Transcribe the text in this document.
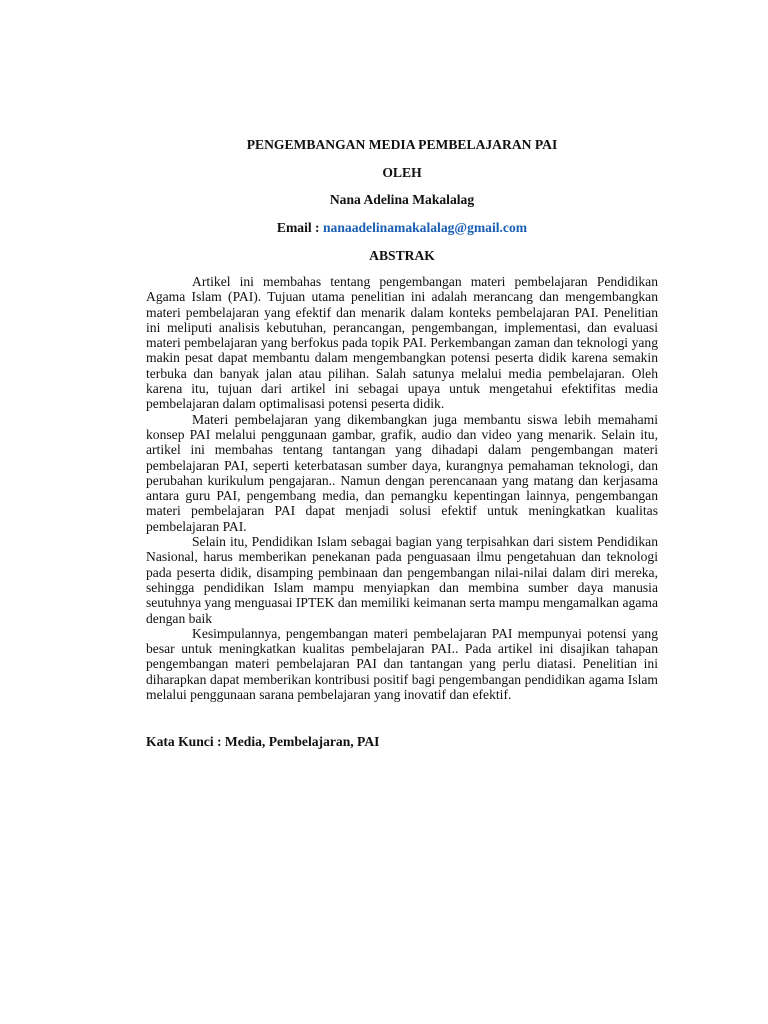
PENGEMBANGAN MEDIA PEMBELAJARAN PAI

OLEH

Nana Adelina Makalalag

Email : nanaadelinamakalalag@gmail.com

ABSTRAK

Artikel ini membahas tentang pengembangan materi pembelajaran Pendidikan Agama Islam (PAI). Tujuan utama penelitian ini adalah merancang dan mengembangkan materi pembelajaran yang efektif dan menarik dalam konteks pembelajaran PAI. Penelitian ini meliputi analisis kebutuhan, perancangan, pengembangan, implementasi, dan evaluasi materi pembelajaran yang berfokus pada topik PAI. Perkembangan zaman dan teknologi yang makin pesat dapat membantu dalam mengembangkan potensi peserta didik karena semakin terbuka dan banyak jalan atau pilihan. Salah satunya melalui media pembelajaran. Oleh karena itu, tujuan dari artikel ini sebagai upaya untuk mengetahui efektifitas media pembelajaran dalam optimalisasi potensi peserta didik.

Materi pembelajaran yang dikembangkan juga membantu siswa lebih memahami konsep PAI melalui penggunaan gambar, grafik, audio dan video yang menarik. Selain itu, artikel ini membahas tentang tantangan yang dihadapi dalam pengembangan materi pembelajaran PAI, seperti keterbatasan sumber daya, kurangnya pemahaman teknologi, dan perubahan kurikulum pengajaran.. Namun dengan perencanaan yang matang dan kerjasama antara guru PAI, pengembang media, dan pemangku kepentingan lainnya, pengembangan materi pembelajaran PAI dapat menjadi solusi efektif untuk meningkatkan kualitas pembelajaran PAI.

Selain itu, Pendidikan Islam sebagai bagian yang terpisahkan dari sistem Pendidikan Nasional, harus memberikan penekanan pada penguasaan ilmu pengetahuan dan teknologi pada peserta didik, disamping pembinaan dan pengembangan nilai-nilai dalam diri mereka, sehingga pendidikan Islam mampu menyiapkan dan membina sumber daya manusia seutuhnya yang menguasai IPTEK dan memiliki keimanan serta mampu mengamalkan agama dengan baik

Kesimpulannya, pengembangan materi pembelajaran PAI mempunyai potensi yang besar untuk meningkatkan kualitas pembelajaran PAI.. Pada artikel ini disajikan tahapan pengembangan materi pembelajaran PAI dan tantangan yang perlu diatasi. Penelitian ini diharapkan dapat memberikan kontribusi positif bagi pengembangan pendidikan agama Islam melalui penggunaan sarana pembelajaran yang inovatif dan efektif.

Kata Kunci : Media, Pembelajaran, PAI
